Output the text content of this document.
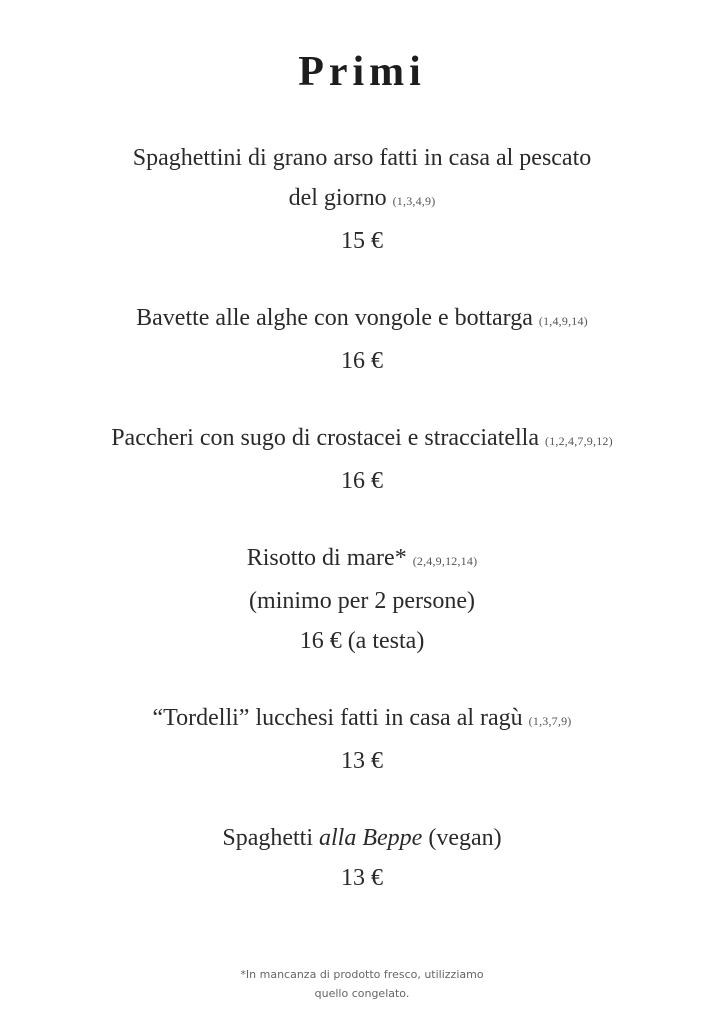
Primi
Spaghettini di grano arso fatti in casa al pescato
del giorno (1,3,4,9)
15 €
Bavette alle alghe con vongole e bottarga (1,4,9,14)
16 €
Paccheri con sugo di crostacei e stracciatella (1,2,4,7,9,12)
16 €
Risotto di mare* (2,4,9,12,14)
(minimo per 2 persone)
16 € (a testa)
“Tordelli” lucchesi fatti in casa al ragù (1,3,7,9)
13 €
Spaghetti alla Beppe (vegan)
13 €
*In mancanza di prodotto fresco, utilizziamo
quello congelato.
